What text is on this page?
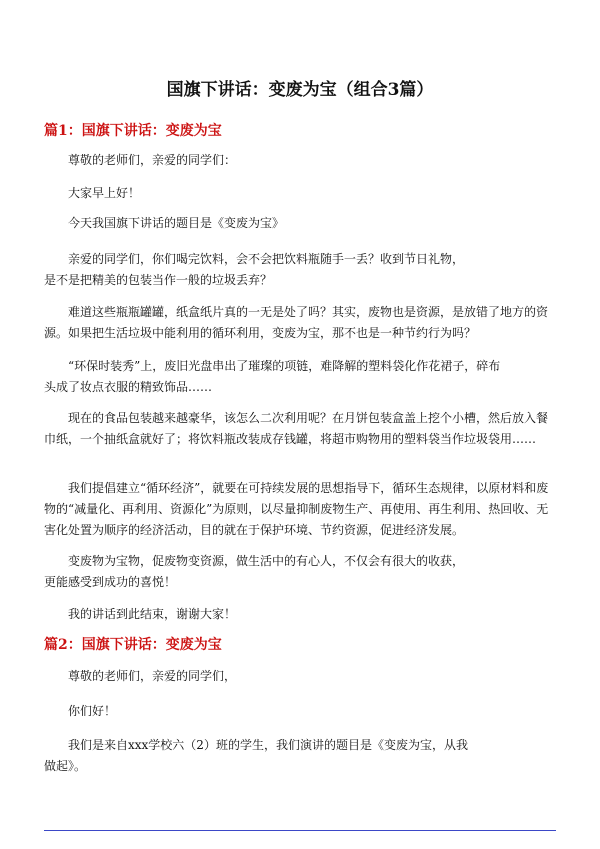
国旗下讲话：变废为宝（组合3篇）
篇1：国旗下讲话：变废为宝

尊敬的老师们，亲爱的同学们：

大家早上好！

今天我国旗下讲话的题目是《变废为宝》

亲爱的同学们，你们喝完饮料，会不会把饮料瓶随手一丢？收到节日礼物，是不是把精美的包装当作一般的垃圾丢弃？

难道这些瓶瓶罐罐，纸盒纸片真的一无是处了吗？其实，废物也是资源，是放错了地方的资源。如果把生活垃圾中能利用的循环利用，变废为宝，那不也是一种节约行为吗？

“环保时装秀”上，废旧光盘串出了璀璨的项链，难降解的塑料袋化作花裙子，碎布头成了妆点衣服的精致饰品……

现在的食品包装越来越豪华，该怎么二次利用呢？在月饼包装盒盖上挖个小槽，然后放入餐巾纸，一个抽纸盒就好了；将饮料瓶改装成存钱罐，将超市购物用的塑料袋当作垃圾袋用……

我们提倡建立“循环经济”，就要在可持续发展的思想指导下，循环生态规律，以原材料和废物的“减量化、再利用、资源化”为原则，以尽量抑制废物生产、再使用、再生利用、热回收、无害化处置为顺序的经济活动，目的就在于保护环境、节约资源，促进经济发展。

变废物为宝物，促废物变资源，做生活中的有心人，不仅会有很大的收获，更能感受到成功的喜悦！

我的讲话到此结束，谢谢大家！

篇2：国旗下讲话：变废为宝

尊敬的老师们，亲爱的同学们，

你们好！

我们是来自xxx学校六（2）班的学生，我们演讲的题目是《变废为宝，从我做起》。
